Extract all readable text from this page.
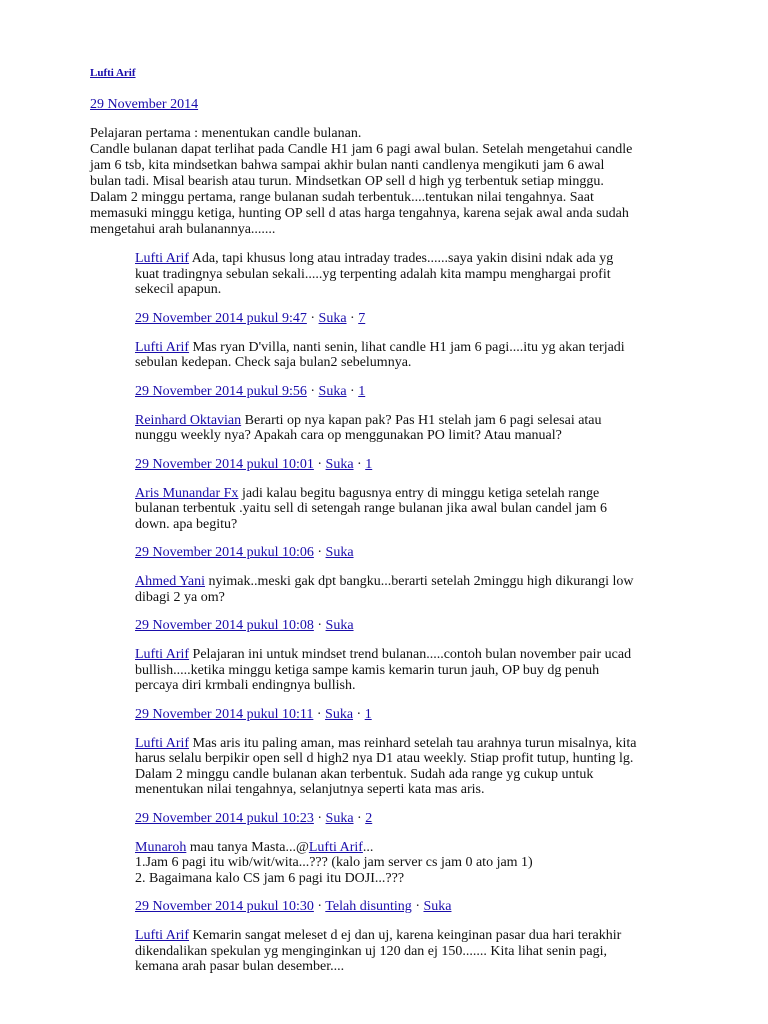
Lufti Arif

29 November 2014

Pelajaran pertama : menentukan candle bulanan.
Candle bulanan dapat terlihat pada Candle H1 jam 6 pagi awal bulan. Setelah mengetahui candle
jam 6 tsb, kita mindsetkan bahwa sampai akhir bulan nanti candlenya mengikuti jam 6 awal
bulan tadi. Misal bearish atau turun. Mindsetkan OP sell d high yg terbentuk setiap minggu.
Dalam 2 minggu pertama, range bulanan sudah terbentuk....tentukan nilai tengahnya. Saat
memasuki minggu ketiga, hunting OP sell d atas harga tengahnya, karena sejak awal anda sudah
mengetahui arah bulanannya.......

Lufti Arif Ada, tapi khusus long atau intraday trades......saya yakin disini ndak ada yg
kuat tradingnya sebulan sekali.....yg terpenting adalah kita mampu menghargai profit
sekecil apapun.

29 November 2014 pukul 9:47 · Suka · 7

Lufti Arif Mas ryan D'villa, nanti senin, lihat candle H1 jam 6 pagi....itu yg akan terjadi
sebulan kedepan. Check saja bulan2 sebelumnya.

29 November 2014 pukul 9:56 · Suka · 1

Reinhard Oktavian Berarti op nya kapan pak? Pas H1 stelah jam 6 pagi selesai atau
nunggu weekly nya? Apakah cara op menggunakan PO limit? Atau manual?

29 November 2014 pukul 10:01 · Suka · 1

Aris Munandar Fx jadi kalau begitu bagusnya entry di minggu ketiga setelah range
bulanan terbentuk .yaitu sell di setengah range bulanan jika awal bulan candel jam 6
down. apa begitu?

29 November 2014 pukul 10:06 · Suka

Ahmed Yani nyimak..meski gak dpt bangku...berarti setelah 2minggu high dikurangi low
dibagi 2 ya om?

29 November 2014 pukul 10:08 · Suka

Lufti Arif Pelajaran ini untuk mindset trend bulanan.....contoh bulan november pair ucad
bullish.....ketika minggu ketiga sampe kamis kemarin turun jauh, OP buy dg penuh
percaya diri krmbali endingnya bullish.

29 November 2014 pukul 10:11 · Suka · 1

Lufti Arif Mas aris itu paling aman, mas reinhard setelah tau arahnya turun misalnya, kita
harus selalu berpikir open sell d high2 nya D1 atau weekly. Stiap profit tutup, hunting lg.
Dalam 2 minggu candle bulanan akan terbentuk. Sudah ada range yg cukup untuk
menentukan nilai tengahnya, selanjutnya seperti kata mas aris.

29 November 2014 pukul 10:23 · Suka · 2

Munaroh mau tanya Masta...@Lufti Arif...
1.Jam 6 pagi itu wib/wit/wita...??? (kalo jam server cs jam 0 ato jam 1)
2. Bagaimana kalo CS jam 6 pagi itu DOJI...???

29 November 2014 pukul 10:30 · Telah disunting · Suka

Lufti Arif Kemarin sangat meleset d ej dan uj, karena keinginan pasar dua hari terakhir
dikendalikan spekulan yg menginginkan uj 120 dan ej 150....... Kita lihat senin pagi,
kemana arah pasar bulan desember....
